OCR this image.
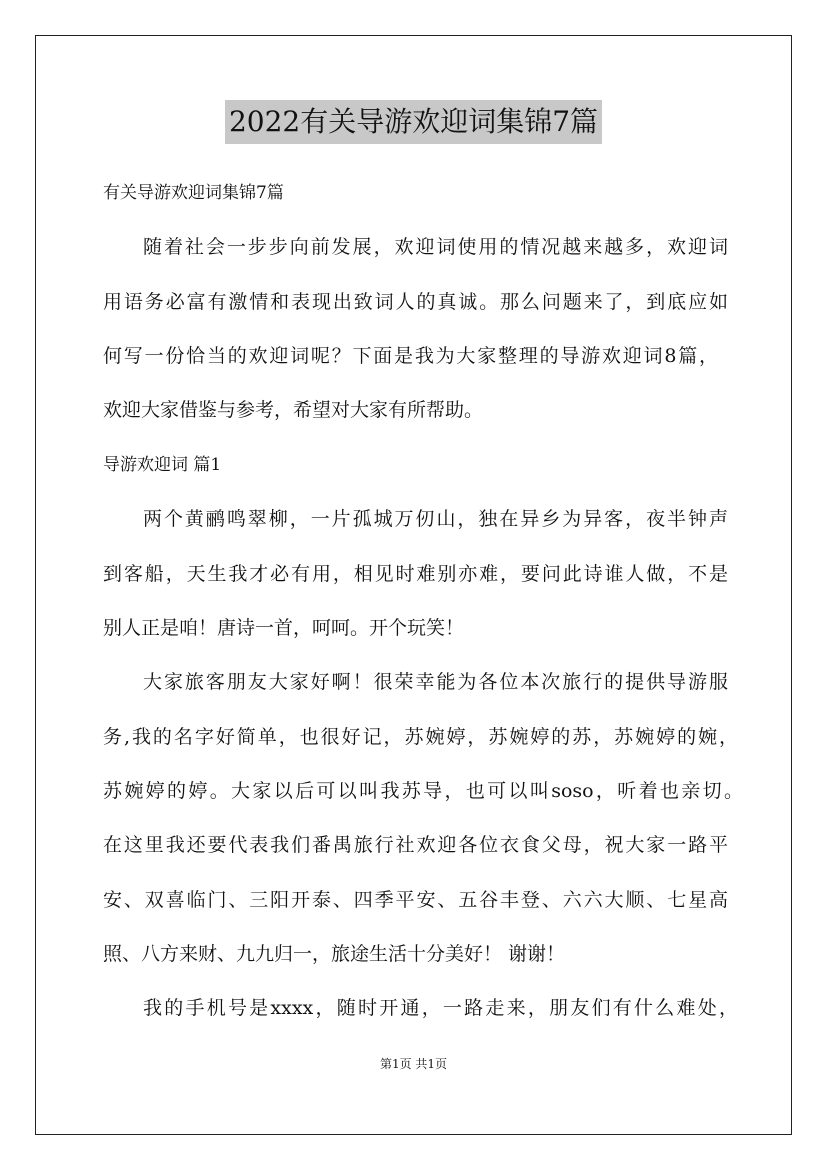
2022有关导游欢迎词集锦7篇
有关导游欢迎词集锦7篇
随着社会一步步向前发展，欢迎词使用的情况越来越多，欢迎词
用语务必富有激情和表现出致词人的真诚。那么问题来了，到底应如
何写一份恰当的欢迎词呢？下面是我为大家整理的导游欢迎词8篇，
欢迎大家借鉴与参考，希望对大家有所帮助。
导游欢迎词 篇1
两个黄鹂鸣翠柳，一片孤城万仞山，独在异乡为异客，夜半钟声
到客船，天生我才必有用，相见时难别亦难，要问此诗谁人做，不是
别人正是咱！唐诗一首，呵呵。开个玩笑！
大家旅客朋友大家好啊！很荣幸能为各位本次旅行的提供导游服
务,我的名字好简单，也很好记，苏婉婷，苏婉婷的苏，苏婉婷的婉，
苏婉婷的婷。大家以后可以叫我苏导，也可以叫soso，听着也亲切。
在这里我还要代表我们番禺旅行社欢迎各位衣食父母，祝大家一路平
安、双喜临门、三阳开泰、四季平安、五谷丰登、六六大顺、七星高
照、八方来财、九九归一，旅途生活十分美好！ 谢谢！
我的手机号是xxxx，随时开通，一路走来，朋友们有什么难处，
第1页 共1页
